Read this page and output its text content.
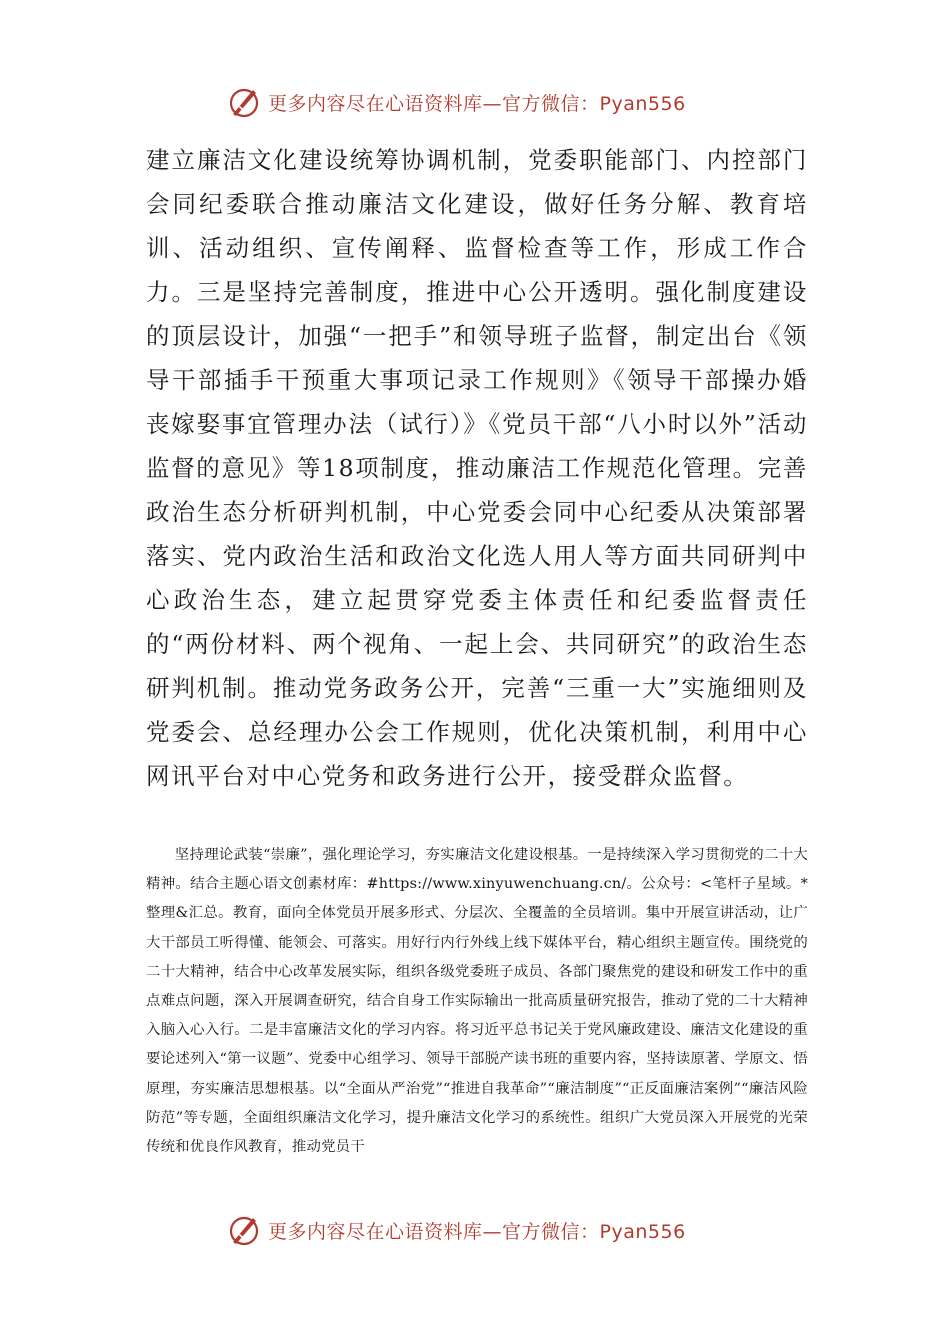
更多内容尽在心语资料库—官方微信：Pyan556

建立廉洁文化建设统筹协调机制，党委职能部门、内控部门会同纪委联合推动廉洁文化建设，做好任务分解、教育培训、活动组织、宣传阐释、监督检查等工作，形成工作合力。三是坚持完善制度，推进中心公开透明。强化制度建设的顶层设计，加强“一把手”和领导班子监督，制定出台《领导干部插手干预重大事项记录工作规则》《领导干部操办婚丧嫁娶事宜管理办法（试行）》《党员干部“八小时以外”活动监督的意见》等18项制度，推动廉洁工作规范化管理。完善政治生态分析研判机制，中心党委会同中心纪委从决策部署落实、党内政治生活和政治文化选人用人等方面共同研判中心政治生态，建立起贯穿党委主体责任和纪委监督责任的“两份材料、两个视角、一起上会、共同研究”的政治生态研判机制。推动党务政务公开，完善“三重一大”实施细则及党委会、总经理办公会工作规则，优化决策机制，利用中心网讯平台对中心党务和政务进行公开，接受群众监督。

坚持理论武装“崇廉”，强化理论学习，夯实廉洁文化建设根基。一是持续深入学习贯彻党的二十大精神。结合主题心语文创素材库：#https://www.xinyuwenchuang.cn/。公众号：<笔杆子星域。*整理&汇总。教育，面向全体党员开展多形式、分层次、全覆盖的全员培训。集中开展宣讲活动，让广大干部员工听得懂、能领会、可落实。用好行内行外线上线下媒体平台，精心组织主题宣传。围绕党的二十大精神，结合中心改革发展实际，组织各级党委班子成员、各部门聚焦党的建设和研发工作中的重点难点问题，深入开展调查研究，结合自身工作实际输出一批高质量研究报告，推动了党的二十大精神入脑入心入行。二是丰富廉洁文化的学习内容。将习近平总书记关于党风廉政建设、廉洁文化建设的重要论述列入“第一议题”、党委中心组学习、领导干部脱产读书班的重要内容，坚持读原著、学原文、悟原理，夯实廉洁思想根基。以“全面从严治党”“推进自我革命”“廉洁制度”“正反面廉洁案例”“廉洁风险防范”等专题，全面组织廉洁文化学习，提升廉洁文化学习的系统性。组织广大党员深入开展党的光荣传统和优良作风教育，推动党员干

更多内容尽在心语资料库—官方微信：Pyan556
